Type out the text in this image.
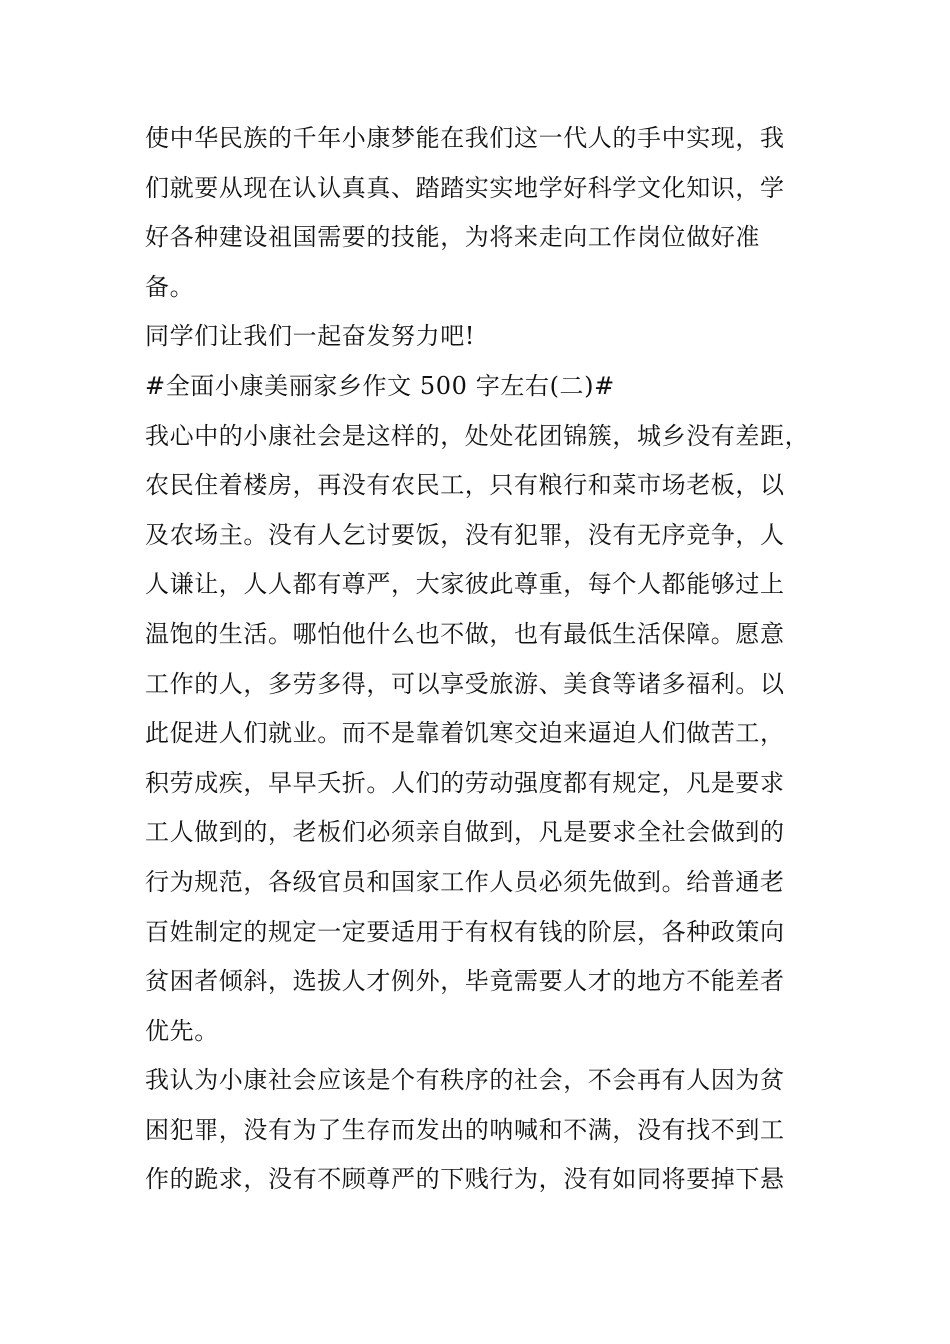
使中华民族的千年小康梦能在我们这一代人的手中实现，我
们就要从现在认认真真、踏踏实实地学好科学文化知识，学
好各种建设祖国需要的技能，为将来走向工作岗位做好准
备。
同学们让我们一起奋发努力吧!
#全面小康美丽家乡作文 500 字左右(二)#
我心中的小康社会是这样的，处处花团锦簇，城乡没有差距，
农民住着楼房，再没有农民工，只有粮行和菜市场老板，以
及农场主。没有人乞讨要饭，没有犯罪，没有无序竞争，人
人谦让，人人都有尊严，大家彼此尊重，每个人都能够过上
温饱的生活。哪怕他什么也不做，也有最低生活保障。愿意
工作的人，多劳多得，可以享受旅游、美食等诸多福利。以
此促进人们就业。而不是靠着饥寒交迫来逼迫人们做苦工，
积劳成疾，早早夭折。人们的劳动强度都有规定，凡是要求
工人做到的，老板们必须亲自做到，凡是要求全社会做到的
行为规范，各级官员和国家工作人员必须先做到。给普通老
百姓制定的规定一定要适用于有权有钱的阶层，各种政策向
贫困者倾斜，选拔人才例外，毕竟需要人才的地方不能差者
优先。
我认为小康社会应该是个有秩序的社会，不会再有人因为贫
困犯罪，没有为了生存而发出的呐喊和不满，没有找不到工
作的跪求，没有不顾尊严的下贱行为，没有如同将要掉下悬
